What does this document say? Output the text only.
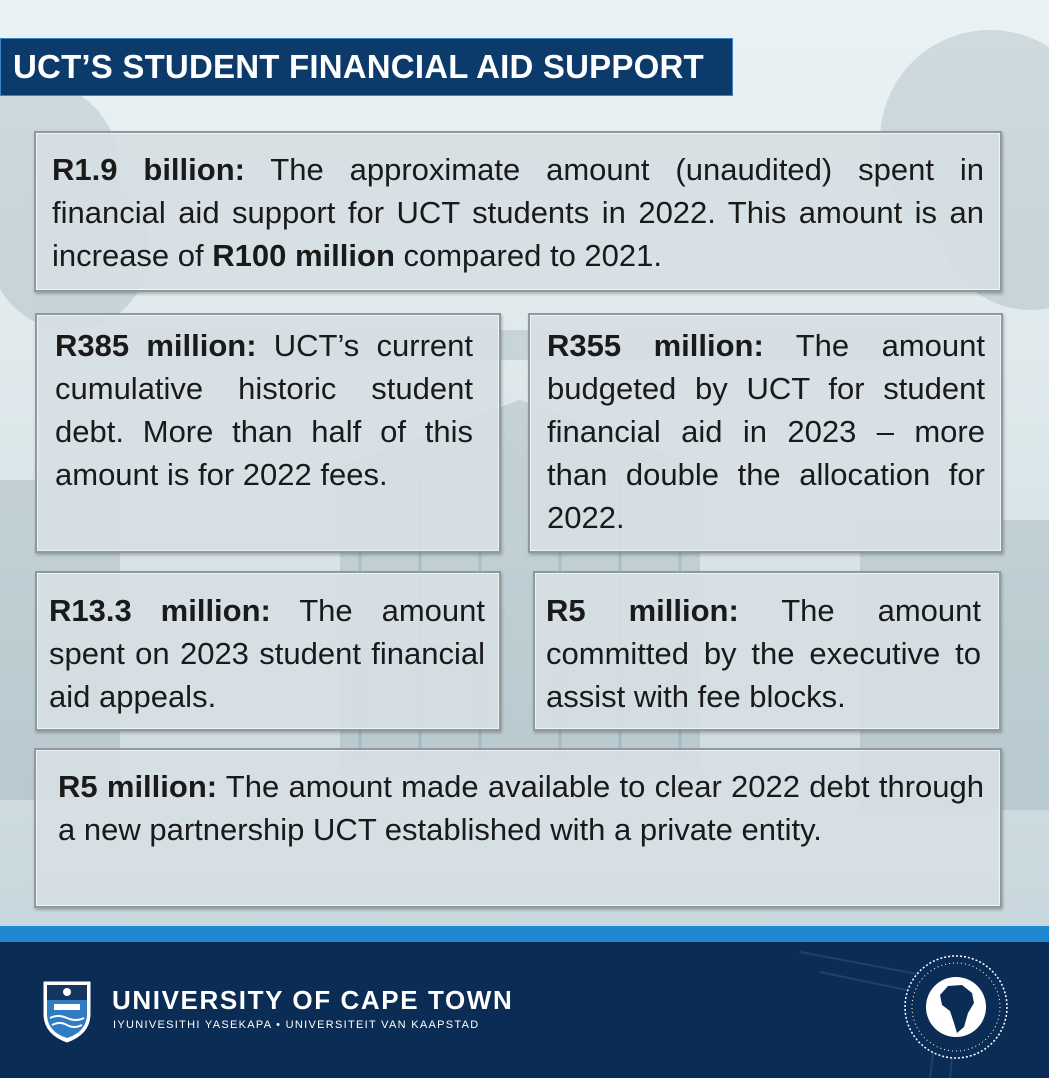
UCT’S STUDENT FINANCIAL AID SUPPORT
R1.9 billion: The approximate amount (unaudited) spent in financial aid support for UCT students in 2022. This amount is an increase of R100 million compared to 2021.
R385 million: UCT’s current cumulative historic student debt. More than half of this amount is for 2022 fees.
R355 million: The amount budgeted by UCT for student financial aid in 2023 – more than double the allocation for 2022.
R13.3 million: The amount spent on 2023 student financial aid appeals.
R5 million: The amount committed by the executive to assist with fee blocks.
R5 million: The amount made available to clear 2022 debt through a new partnership UCT established with a private entity.
UNIVERSITY OF CAPE TOWN
IYUNIVESITHI YASEKAPA • UNIVERSITEIT VAN KAAPSTAD
